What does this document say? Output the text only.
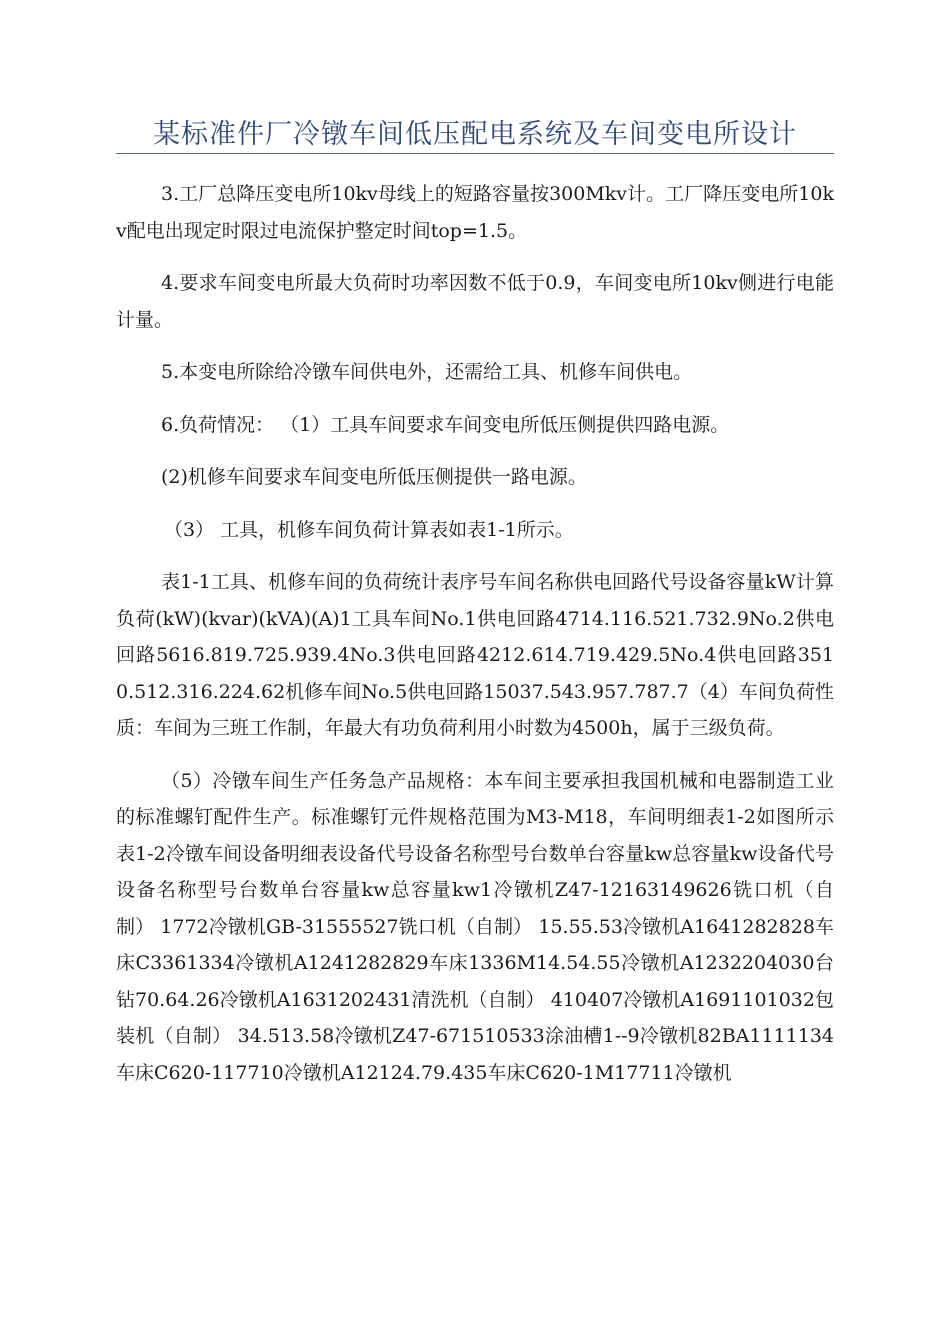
某标准件厂冷镦车间低压配电系统及车间变电所设计

3.工厂总降压变电所10kv母线上的短路容量按300Mkv计。工厂降压变电所10kv配电出现定时限过电流保护整定时间top=1.5。

4.要求车间变电所最大负荷时功率因数不低于0.9，车间变电所10kv侧进行电能计量。

5.本变电所除给冷镦车间供电外，还需给工具、机修车间供电。

6.负荷情况： （1）工具车间要求车间变电所低压侧提供四路电源。

(2)机修车间要求车间变电所低压侧提供一路电源。

（3） 工具，机修车间负荷计算表如表1-1所示。

表1-1工具、机修车间的负荷统计表序号车间名称供电回路代号设备容量kW计算负荷(kW)(kvar)(kVA)(A)1工具车间No.1供电回路4714.116.521.732.9No.2供电回路5616.819.725.939.4No.3供电回路4212.614.719.429.5No.4供电回路3510.512.316.224.62机修车间No.5供电回路15037.543.957.787.7（4）车间负荷性质：车间为三班工作制，年最大有功负荷利用小时数为4500h，属于三级负荷。

（5）冷镦车间生产任务急产品规格：本车间主要承担我国机械和电器制造工业的标准螺钉配件生产。标准螺钉元件规格范围为M3-M18，车间明细表1-2如图所示表1-2冷镦车间设备明细表设备代号设备名称型号台数单台容量kw总容量kw设备代号设备名称型号台数单台容量kw总容量kw1冷镦机Z47-12163149626铣口机（自制） 1772冷镦机GB-31555527铣口机（自制） 15.55.53冷镦机A1641282828车床C3361334冷镦机A1241282829车床1336M14.54.55冷镦机A1232204030台钻70.64.26冷镦机A1631202431清洗机（自制） 410407冷镦机A1691101032包装机（自制） 34.513.58冷镦机Z47-671510533涂油槽1--9冷镦机82BA1111134车床C620-117710冷镦机A12124.79.435车床C620-1M17711冷镦机
